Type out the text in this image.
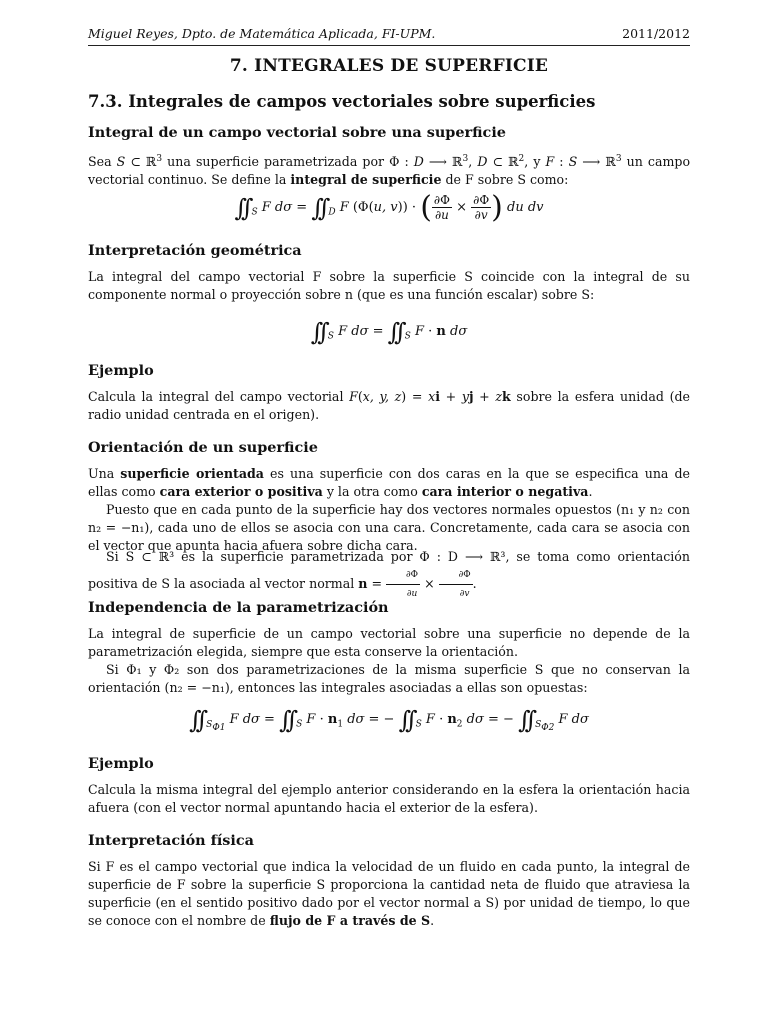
Miguel Reyes, Dpto. de Matemática Aplicada, FI-UPM.	2011/2012
7. INTEGRALES DE SUPERFICIE
7.3. Integrales de campos vectoriales sobre superficies
Integral de un campo vectorial sobre una superficie
Sea S ⊂ ℝ$^3$ una superficie parametrizada por Φ : D ⟶ ℝ$^3$, D ⊂ ℝ$^2$, y F : S ⟶ ℝ$^3$ un campo vectorial continuo. Se define la integral de superficie de F sobre S como:
∫∫ $_S$ F dσ = ∫∫ $_D$ F (Φ(u, v)) · ( $\frac{\partial\Phi}{\partial u} \times \frac{\partial\Phi}{\partial v}$ ) du dv
Interpretación geométrica
La integral del campo vectorial F sobre la superficie S coincide con la integral de su componente normal o proyección sobre n (que es una función escalar) sobre S:
∫∫ $_S$ F dσ = ∫∫ $_S$ F · n dσ
Ejemplo
Calcula la integral del campo vectorial F(x, y, z) = xi + yj + zk sobre la esfera unidad (de radio unidad centrada en el origen).
Orientación de un superficie
Una superficie orientada es una superficie con dos caras en la que se especifica una de ellas como cara exterior o positiva y la otra como cara interior o negativa.
Puesto que en cada punto de la superficie hay dos vectores normales opuestos (n₁ y n₂ con n₂ = −n₁), cada uno de ellos se asocia con una cara. Concretamente, cada cara se asocia con el vector que apunta hacia afuera sobre dicha cara.
Si S ⊂ ℝ³ es la superficie parametrizada por Φ : D ⟶ ℝ³, se toma como orientación positiva de S la asociada al vector normal $n = \frac{\partial\Phi}{\partial u} \times \frac{\partial\Phi}{\partial v}$ .
Independencia de la parametrización
La integral de superficie de un campo vectorial sobre una superficie no depende de la parametrización elegida, siempre que esta conserve la orientación.
Si Φ₁ y Φ₂ son dos parametrizaciones de la misma superficie S que no conservan la orientación (n₂ = −n₁), entonces las integrales asociadas a ellas son opuestas:
∫∫ $_{S_{\Phi 1}}$ F dσ = ∫∫ $_S$ $F \cdot n_1$ dσ = − ∫∫ $_S$ $F \cdot n_2$ dσ = − ∫∫ $_{S_{\Phi 2}}$ F dσ
Ejemplo
Calcula la misma integral del ejemplo anterior considerando en la esfera la orientación hacia afuera (con el vector normal apuntando hacia el exterior de la esfera).
Interpretación física
Si F es el campo vectorial que indica la velocidad de un fluido en cada punto, la integral de superficie de F sobre la superficie S proporciona la cantidad neta de fluido que atraviesa la superficie (en el sentido positivo dado por el vector normal a S) por unidad de tiempo, lo que se conoce con el nombre de flujo de F a través de S.
